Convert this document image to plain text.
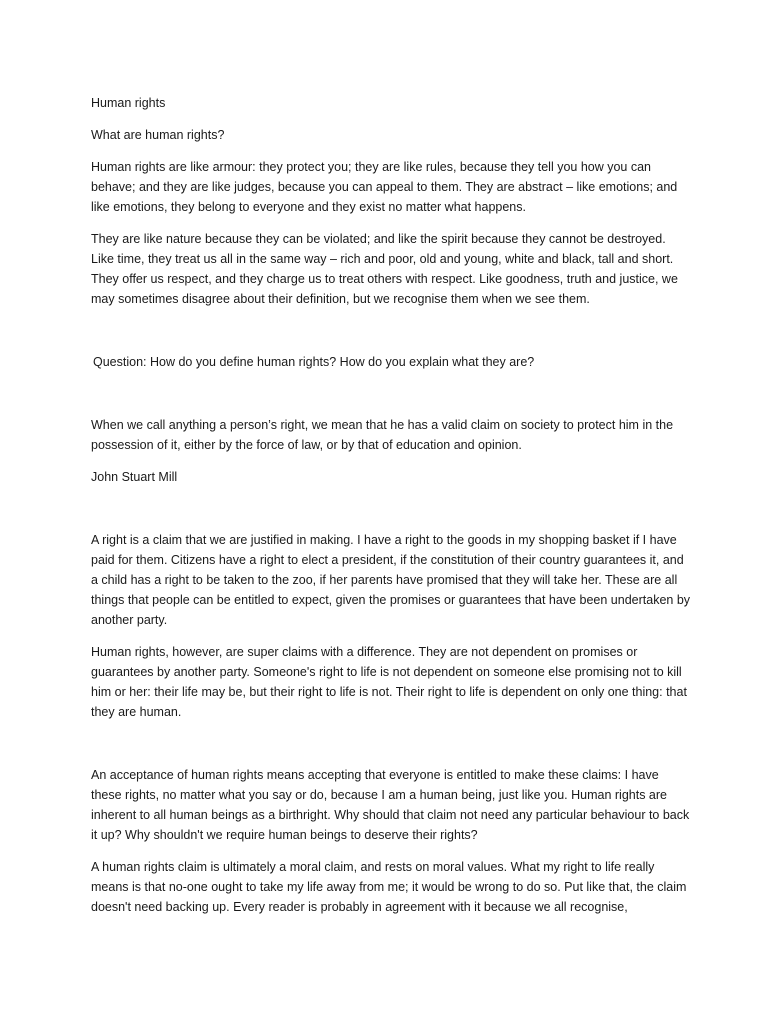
Human rights

What are human rights?

Human rights are like armour: they protect you; they are like rules, because they tell you how you can behave; and they are like judges, because you can appeal to them. They are abstract – like emotions; and like emotions, they belong to everyone and they exist no matter what happens.

They are like nature because they can be violated; and like the spirit because they cannot be destroyed. Like time, they treat us all in the same way – rich and poor, old and young, white and black, tall and short. They offer us respect, and they charge us to treat others with respect. Like goodness, truth and justice, we may sometimes disagree about their definition, but we recognise them when we see them.

Question: How do you define human rights? How do you explain what they are?

When we call anything a person’s right, we mean that he has a valid claim on society to protect him in the possession of it, either by the force of law, or by that of education and opinion.

John Stuart Mill

A right is a claim that we are justified in making. I have a right to the goods in my shopping basket if I have paid for them. Citizens have a right to elect a president, if the constitution of their country guarantees it, and a child has a right to be taken to the zoo, if her parents have promised that they will take her. These are all things that people can be entitled to expect, given the promises or guarantees that have been undertaken by another party.

Human rights, however, are super claims with a difference. They are not dependent on promises or guarantees by another party. Someone's right to life is not dependent on someone else promising not to kill him or her: their life may be, but their right to life is not. Their right to life is dependent on only one thing: that they are human.

An acceptance of human rights means accepting that everyone is entitled to make these claims: I have these rights, no matter what you say or do, because I am a human being, just like you. Human rights are inherent to all human beings as a birthright. Why should that claim not need any particular behaviour to back it up? Why shouldn't we require human beings to deserve their rights?

A human rights claim is ultimately a moral claim, and rests on moral values. What my right to life really means is that no-one ought to take my life away from me; it would be wrong to do so. Put like that, the claim doesn't need backing up. Every reader is probably in agreement with it because we all recognise,
